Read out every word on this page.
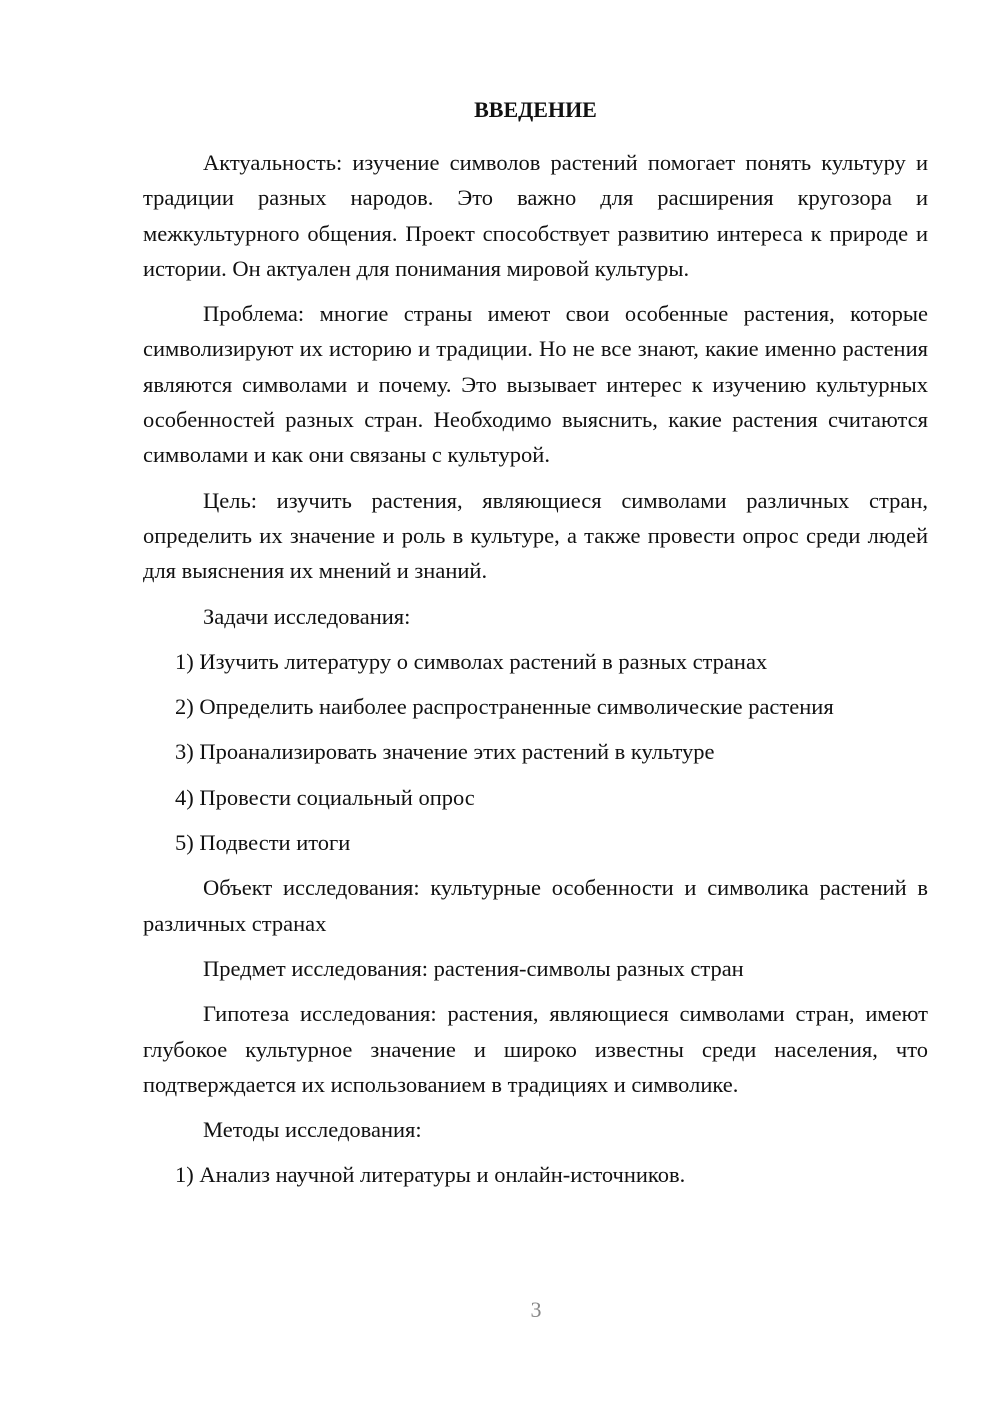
ВВЕДЕНИЕ

Актуальность: изучение символов растений помогает понять культуру и традиции разных народов. Это важно для расширения кругозора и межкультурного общения. Проект способствует развитию интереса к природе и истории. Он актуален для понимания мировой культуры.

Проблема: многие страны имеют свои особенные растения, которые символизируют их историю и традиции. Но не все знают, какие именно растения являются символами и почему. Это вызывает интерес к изучению культурных особенностей разных стран. Необходимо выяснить, какие растения считаются символами и как они связаны с культурой.

Цель: изучить растения, являющиеся символами различных стран, определить их значение и роль в культуре, а также провести опрос среди людей для выяснения их мнений и знаний.

Задачи исследования:

1) Изучить литературу о символах растений в разных странах
2) Определить наиболее распространенные символические растения
3) Проанализировать значение этих растений в культуре
4) Провести социальный опрос
5) Подвести итоги

Объект исследования: культурные особенности и символика растений в различных странах

Предмет исследования: растения-символы разных стран

Гипотеза исследования: растения, являющиеся символами стран, имеют глубокое культурное значение и широко известны среди населения, что подтверждается их использованием в традициях и символике.

Методы исследования:

1) Анализ научной литературы и онлайн-источников.
3
